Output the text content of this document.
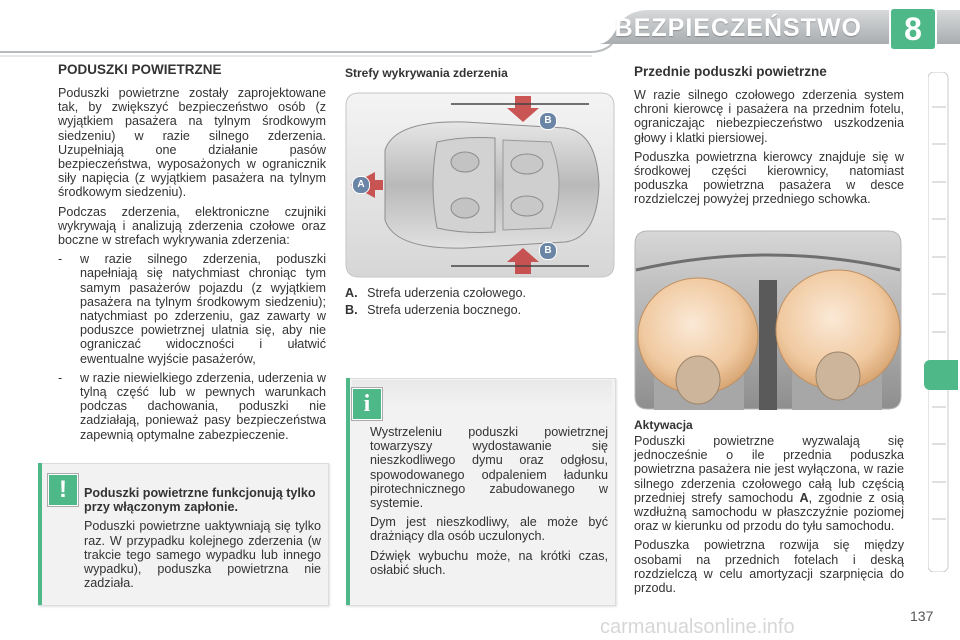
BEZPIECZEŃSTWO	8
PODUSZKI POWIETRZNE

Poduszki powietrzne zostały zaprojektowane tak, by zwiększyć bezpieczeństwo osób (z wyjątkiem pasażera na tylnym środkowym siedzeniu) w razie silnego zderzenia. Uzupełniają one działanie pasów bezpieczeństwa, wyposażonych w ogranicznik siły napięcia (z wyjątkiem pasażera na tylnym środkowym siedzeniu).

Podczas zderzenia, elektroniczne czujniki wykrywają i analizują zderzenia czołowe oraz boczne w strefach wykrywania zderzenia:

-	w razie silnego zderzenia, poduszki napełniają się natychmiast chroniąc tym samym pasażerów pojazdu (z wyjątkiem pasażera na tylnym środkowym siedzeniu); natychmiast po zderzeniu, gaz zawarty w poduszce powietrznej ulatnia się, aby nie ograniczać widoczności i ułatwić ewentualne wyjście pasażerów,
-	w razie niewielkiego zderzenia, uderzenia w tylną część lub w pewnych warunkach podczas dachowania, poduszki nie zadziałają, ponieważ pasy bezpieczeństwa zapewnią optymalne zabezpieczenie.
!	Poduszki powietrzne funkcjonują tylko przy włączonym zapłonie.

Poduszki powietrzne uaktywniają się tylko raz. W przypadku kolejnego zderzenia (w trakcie tego samego wypadku lub innego wypadku), poduszka powietrzna nie zadziała.

Strefy wykrywania zderzenia
A
B
B
A. Strefa uderzenia czołowego.
B. Strefa uderzenia bocznego.
i

Wystrzeleniu poduszki powietrznej towarzyszy wydostawanie się nieszkodliwego dymu oraz odgłosu, spowodowanego odpaleniem ładunku pirotechnicznego zabudowanego w systemie.

Dym jest nieszkodliwy, ale może być drażniący dla osób uczulonych.

Dźwięk wybuchu może, na krótki czas, osłabić słuch.

Przednie poduszki powietrzne

W razie silnego czołowego zderzenia system chroni kierowcę i pasażera na przednim fotelu, ograniczając niebezpieczeństwo uszkodzenia głowy i klatki piersiowej.

Poduszka powietrzna kierowcy znajduje się w środkowej części kierownicy, natomiast poduszka powietrzna pasażera w desce rozdzielczej powyżej przedniego schowka.

Aktywacja

Poduszki powietrzne wyzwalają się jednocześnie o ile przednia poduszka powietrzna pasażera nie jest wyłączona, w razie silnego zderzenia czołowego całą lub częścią przedniej strefy samochodu A, zgodnie z osią wzdłużną samochodu w płaszczyźnie poziomej oraz w kierunku od przodu do tyłu samochodu.

Poduszka powietrzna rozwija się między osobami na przednich fotelach i deską rozdzielczą w celu amortyzacji szarpnięcia do przodu.

137
carmanualsonline.info
